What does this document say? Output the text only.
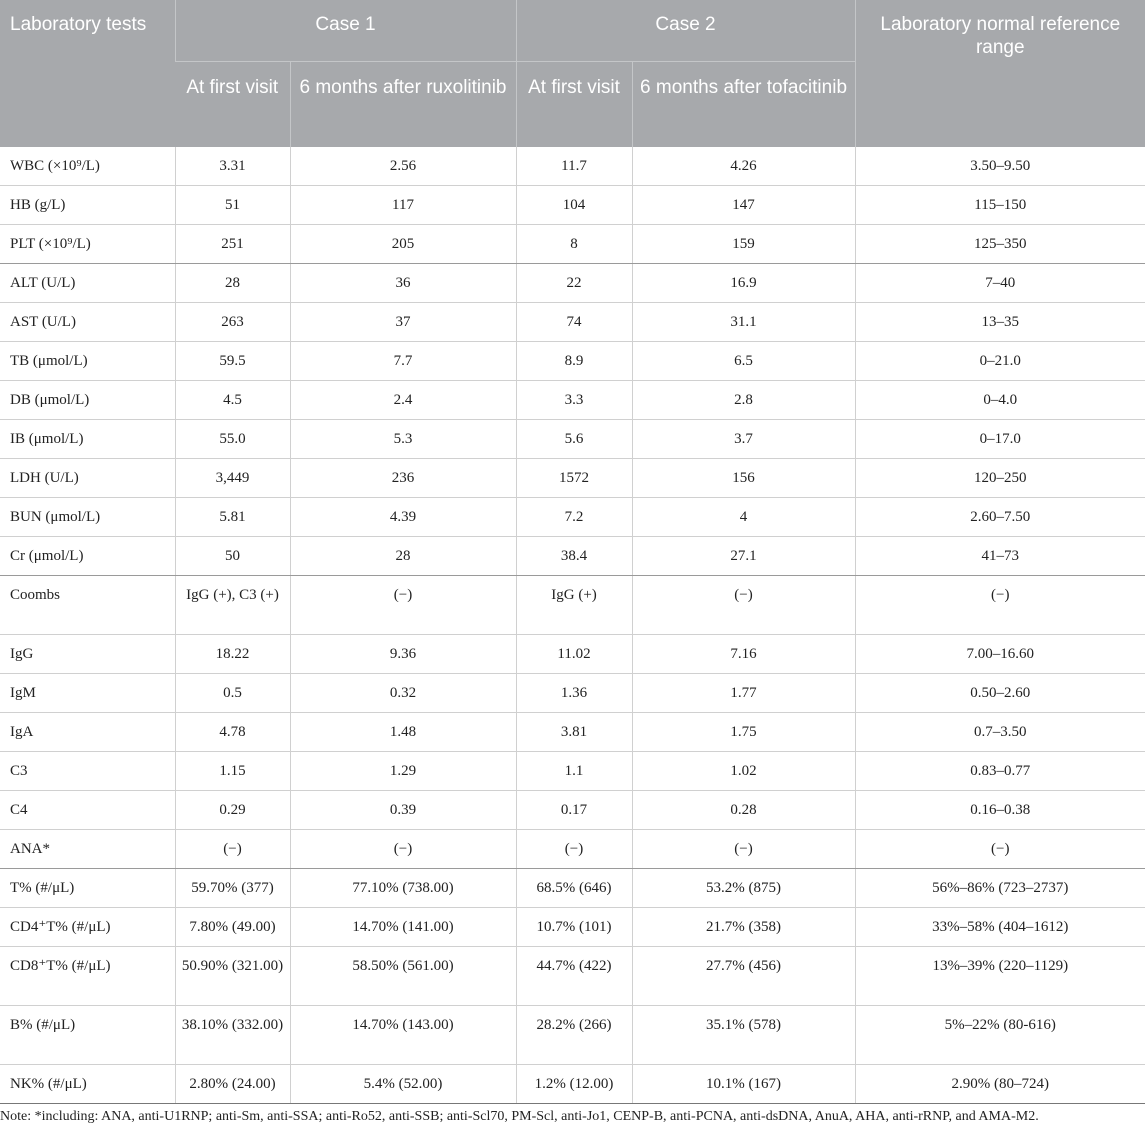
Laboratory tests	Case 1		Case 2		Laboratory normal reference range
	At first visit	6 months after ruxolitinib	At first visit	6 months after tofacitinib	
WBC (×10⁹/L)	3.31	2.56	11.7	4.26	3.50–9.50
HB (g/L)	51	117	104	147	115–150
PLT (×10⁹/L)	251	205	8	159	125–350
ALT (U/L)	28	36	22	16.9	7–40
AST (U/L)	263	37	74	31.1	13–35
TB (μmol/L)	59.5	7.7	8.9	6.5	0–21.0
DB (μmol/L)	4.5	2.4	3.3	2.8	0–4.0
IB (μmol/L)	55.0	5.3	5.6	3.7	0–17.0
LDH (U/L)	3,449	236	1572	156	120–250
BUN (μmol/L)	5.81	4.39	7.2	4	2.60–7.50
Cr (μmol/L)	50	28	38.4	27.1	41–73
Coombs	IgG (+), C3 (+)	(−)	IgG (+)	(−)	(−)
IgG	18.22	9.36	11.02	7.16	7.00–16.60
IgM	0.5	0.32	1.36	1.77	0.50–2.60
IgA	4.78	1.48	3.81	1.75	0.7–3.50
C3	1.15	1.29	1.1	1.02	0.83–0.77
C4	0.29	0.39	0.17	0.28	0.16–0.38
ANA*	(−)	(−)	(−)	(−)	(−)
T% (#/μL)	59.70% (377)	77.10% (738.00)	68.5% (646)	53.2% (875)	56%–86% (723–2737)
CD4⁺T% (#/μL)	7.80% (49.00)	14.70% (141.00)	10.7% (101)	21.7% (358)	33%–58% (404–1612)
CD8⁺T% (#/μL)	50.90% (321.00)	58.50% (561.00)	44.7% (422)	27.7% (456)	13%–39% (220–1129)
B% (#/μL)	38.10% (332.00)	14.70% (143.00)	28.2% (266)	35.1% (578)	5%–22% (80-616)
NK% (#/μL)	2.80% (24.00)	5.4% (52.00)	1.2% (12.00)	10.1% (167)	2.90% (80–724)
Note: *including: ANA, anti-U1RNP; anti-Sm, anti-SSA; anti-Ro52, anti-SSB; anti-Scl70, PM-Scl, anti-Jo1, CENP-B, anti-PCNA, anti-dsDNA, AnuA, AHA, anti-rRNP, and AMA-M2.
